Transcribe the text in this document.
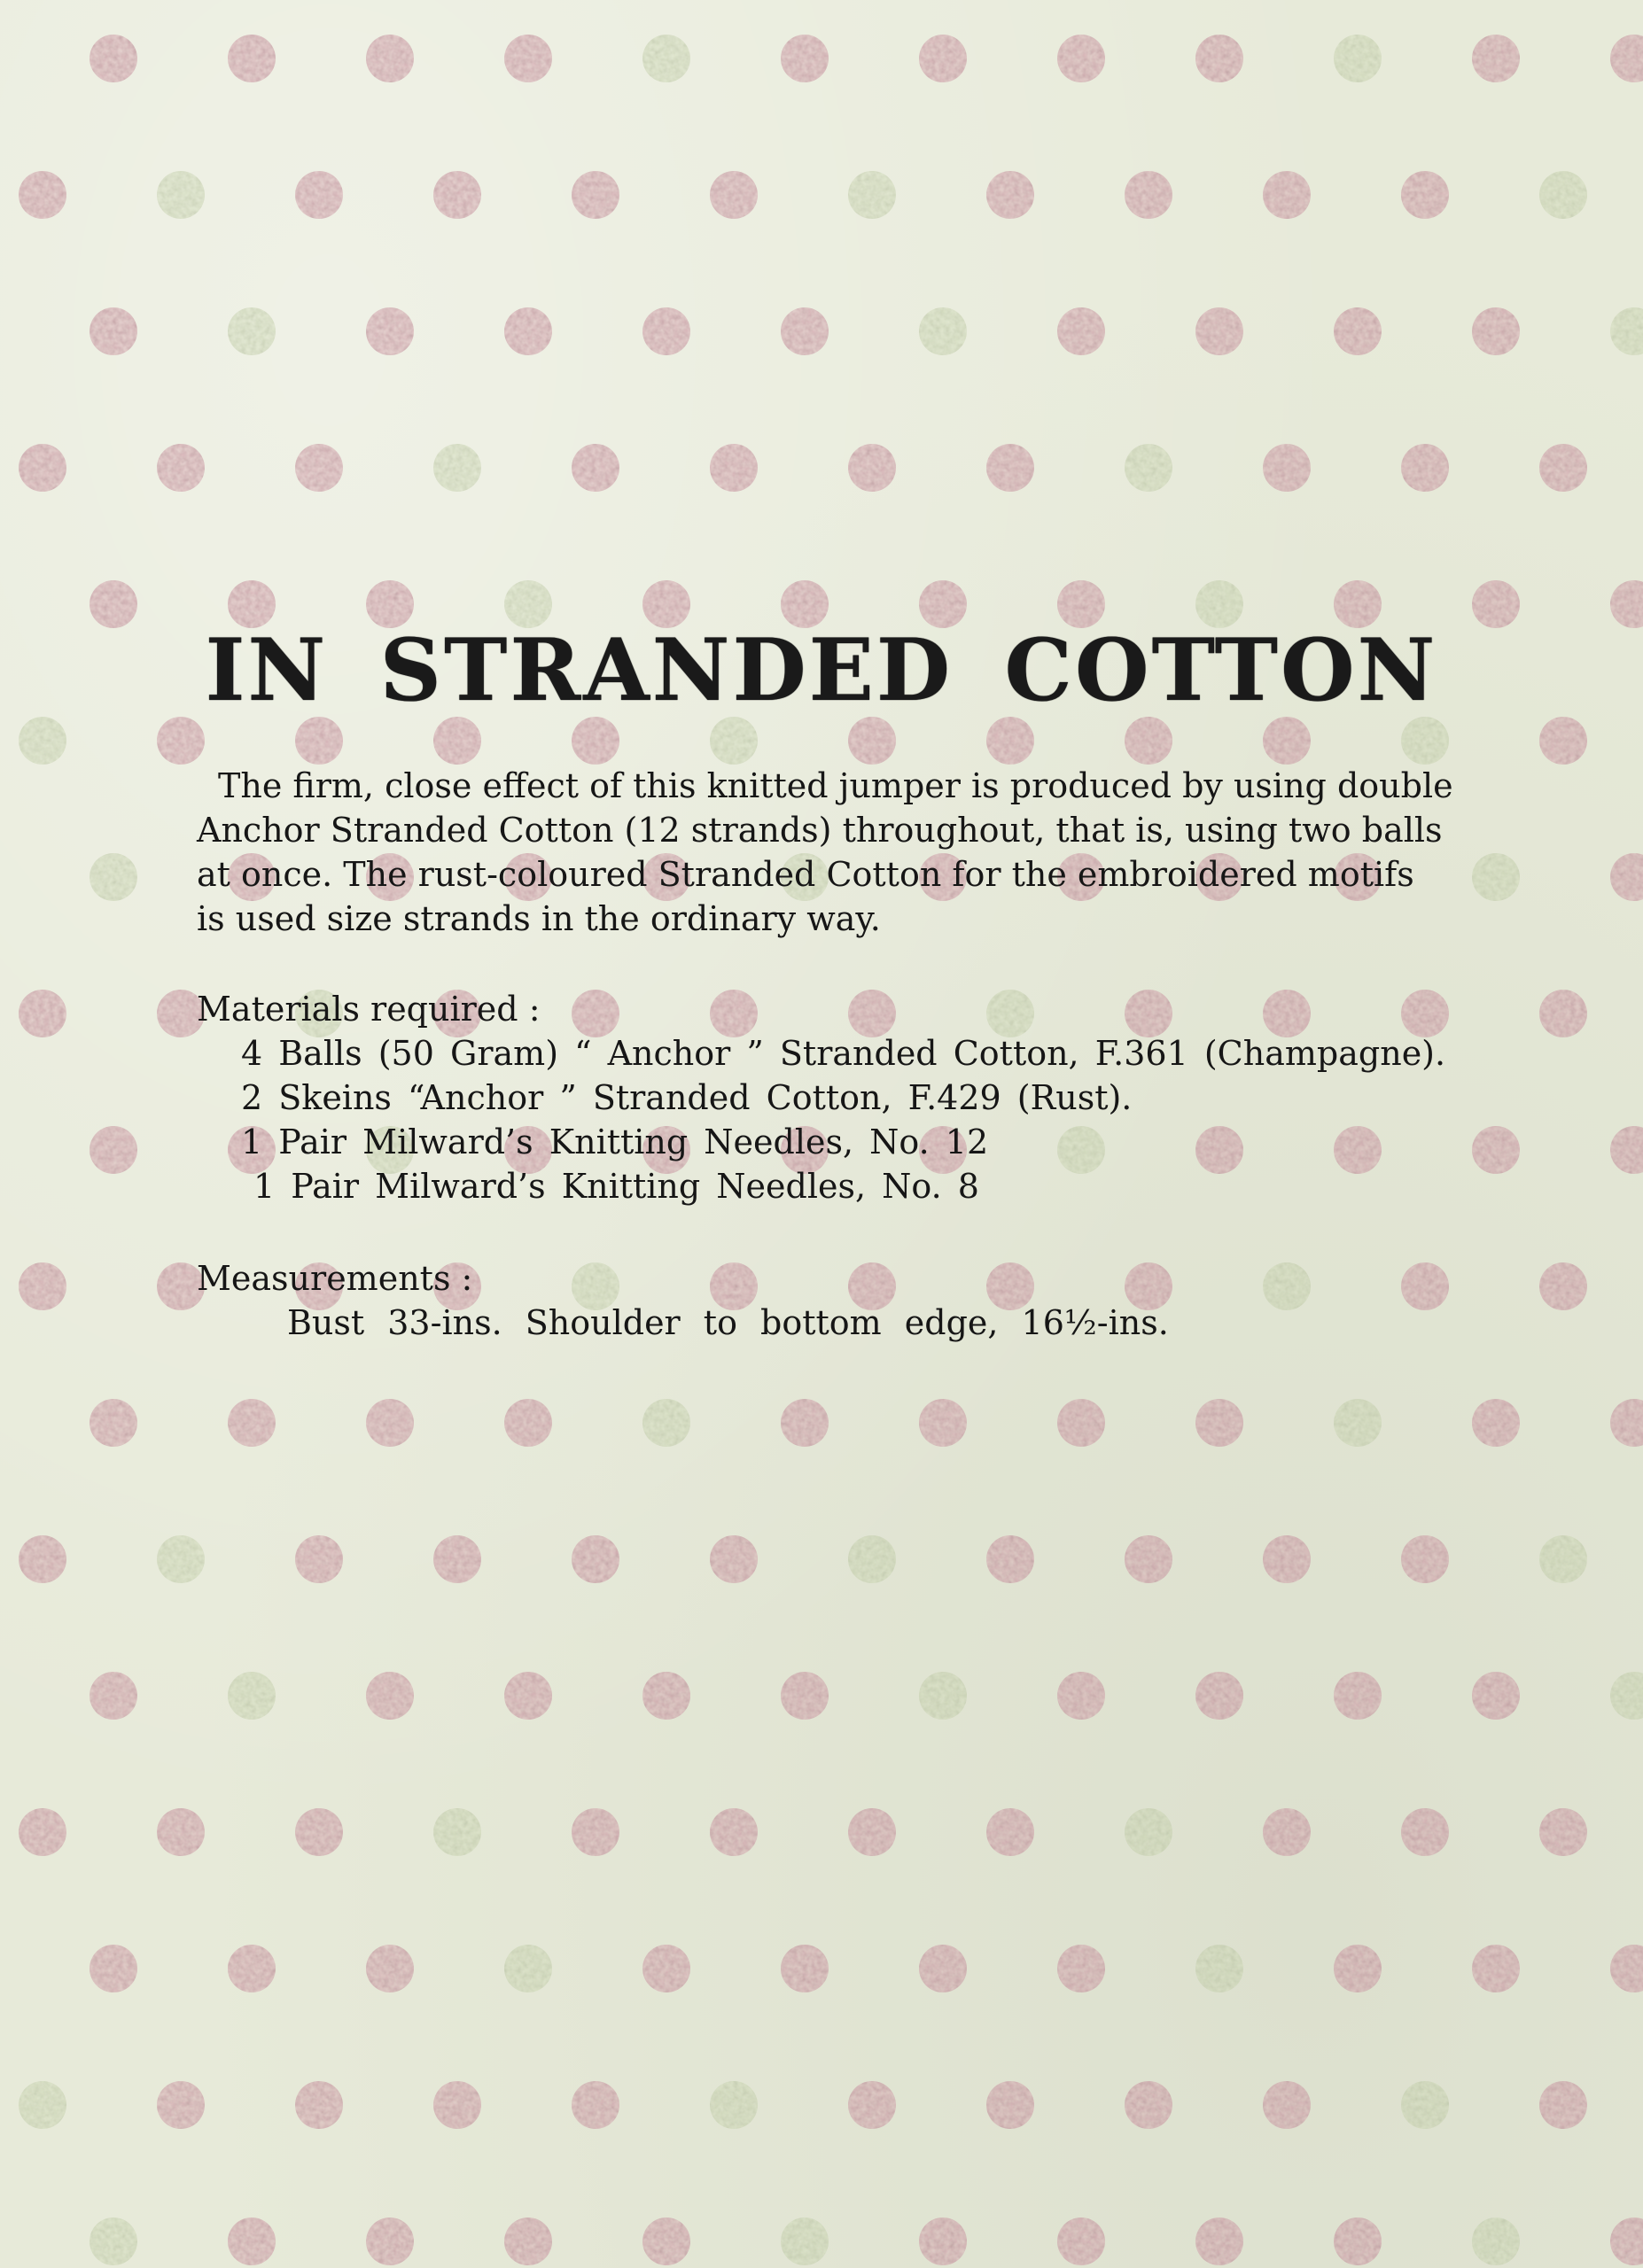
IN STRANDED COTTON
The firm, close effect of this knitted jumper is produced by using double
Anchor Stranded Cotton (12 strands) throughout, that is, using two balls
at once. The rust-coloured Stranded Cotton for the embroidered motifs
is used size strands in the ordinary way.
Materials required :
4 Balls (50 Gram) “ Anchor ” Stranded Cotton, F.361 (Champagne).
2 Skeins “Anchor ” Stranded Cotton, F.429 (Rust).
1 Pair Milward’s Knitting Needles, No. 12
1 Pair Milward’s Knitting Needles, No. 8
Measurements :
Bust 33-ins. Shoulder to bottom edge, 16½-ins.
